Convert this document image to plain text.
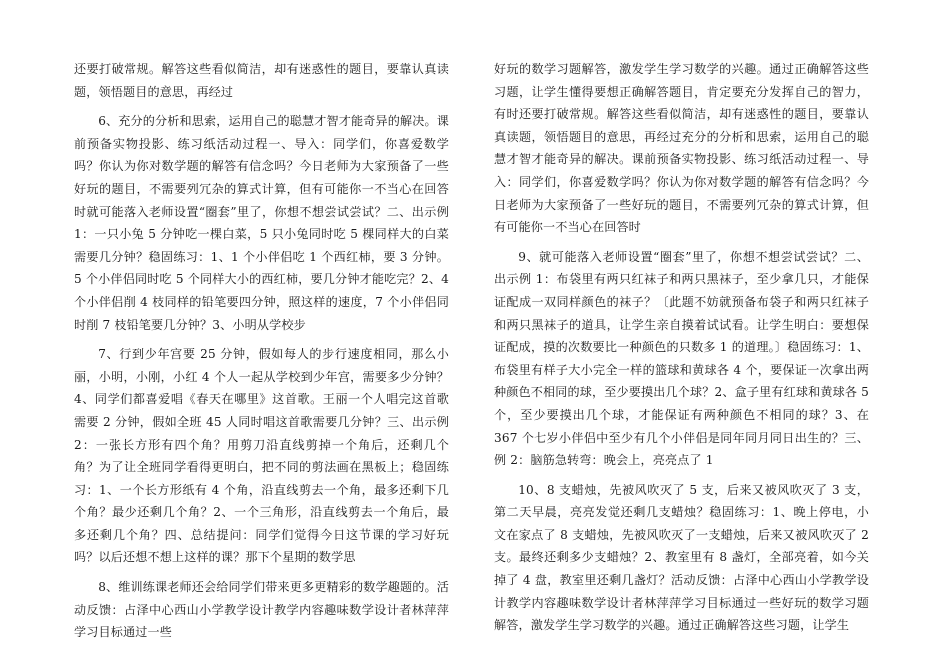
还要打破常规。解答这些看似简洁，却有迷惑性的题目，要靠认真读题，领悟题目的意思，再经过

6、充分的分析和思索，运用自己的聪慧才智才能奇异的解决。课前预备实物投影、练习纸活动过程一、导入：同学们，你喜爱数学吗？你认为你对数学题的解答有信念吗？今日老师为大家预备了一些好玩的题目，不需要列冗杂的算式计算，但有可能你一不当心在回答时就可能落入老师设置“圈套”里了，你想不想尝试尝试？二、出示例 1：一只小兔 5 分钟吃一棵白菜，5 只小兔同时吃 5 棵同样大的白菜需要几分钟？稳固练习：1、1 个小伴侣吃 1 个西红柿，要 3 分钟。5 个小伴侣同时吃 5 个同样大小的西红柿，要几分钟才能吃完？2、4 个小伴侣削 4 枝同样的铅笔要四分钟，照这样的速度，7 个小伴侣同时削 7 枝铅笔要几分钟？3、小明从学校步

7、行到少年宫要 25 分钟，假如每人的步行速度相同，那么小丽，小明，小刚，小红 4 个人一起从学校到少年宫，需要多少分钟？4、同学们都喜爱唱《春天在哪里》这首歌。王丽一个人唱完这首歌需要 2 分钟，假如全班 45 人同时唱这首歌需要几分钟？三、出示例 2：一张长方形有四个角？用剪刀沿直线剪掉一个角后，还剩几个角？为了让全班同学看得更明白，把不同的剪法画在黑板上；稳固练习：1、一个长方形纸有 4 个角，沿直线剪去一个角，最多还剩下几个角？最少还剩几个角？2、一个三角形，沿直线剪去一个角后，最多还剩几个角？四、总结提问：同学们觉得今日这节课的学习好玩吗？以后还想不想上这样的课？那下个星期的数学思

8、维训练课老师还会给同学们带来更多更精彩的数学趣题的。活动反馈：占泽中心西山小学教学设计教学内容趣味数学设计者林萍萍学习目标通过一些

好玩的数学习题解答，激发学生学习数学的兴趣。通过正确解答这些习题，让学生懂得要想正确解答题目，肯定要充分发挥自己的智力，有时还要打破常规。解答这些看似简洁，却有迷惑性的题目，要靠认真读题，领悟题目的意思，再经过充分的分析和思索，运用自己的聪慧才智才能奇异的解决。课前预备实物投影、练习纸活动过程一、导入：同学们，你喜爱数学吗？你认为你对数学题的解答有信念吗？今日老师为大家预备了一些好玩的题目，不需要列冗杂的算式计算，但有可能你一不当心在回答时

9、就可能落入老师设置“圈套”里了，你想不想尝试尝试？二、出示例 1：布袋里有两只红袜子和两只黑袜子，至少拿几只，才能保证配成一双同样颜色的袜子？〔此题不妨就预备布袋子和两只红袜子和两只黑袜子的道具，让学生亲自摸着试试看。让学生明白：要想保证配成，摸的次数要比一种颜色的只数多 1 的道理。〕稳固练习：1、布袋里有样子大小完全一样的篮球和黄球各 4 个，要保证一次拿出两种颜色不相同的球，至少要摸出几个球？2、盒子里有红球和黄球各 5 个，至少要摸出几个球，才能保证有两种颜色不相同的球？3、在 367 个七岁小伴侣中至少有几个小伴侣是同年同月同日出生的？三、例 2：脑筋急转弯：晚会上，亮亮点了 1

10、8 支蜡烛，先被风吹灭了 5 支，后来又被风吹灭了 3 支，第二天早晨，亮亮发觉还剩几支蜡烛？稳固练习：1、晚上停电，小文在家点了 8 支蜡烛，先被风吹灭了一支蜡烛，后来又被风吹灭了 2 支。最终还剩多少支蜡烛？2、教室里有 8 盏灯，全部亮着，如今关掉了 4 盘，教室里还剩几盏灯？活动反馈：占泽中心西山小学教学设计教学内容趣味数学设计者林萍萍学习目标通过一些好玩的数学习题解答，激发学生学习数学的兴趣。通过正确解答这些习题，让学生
